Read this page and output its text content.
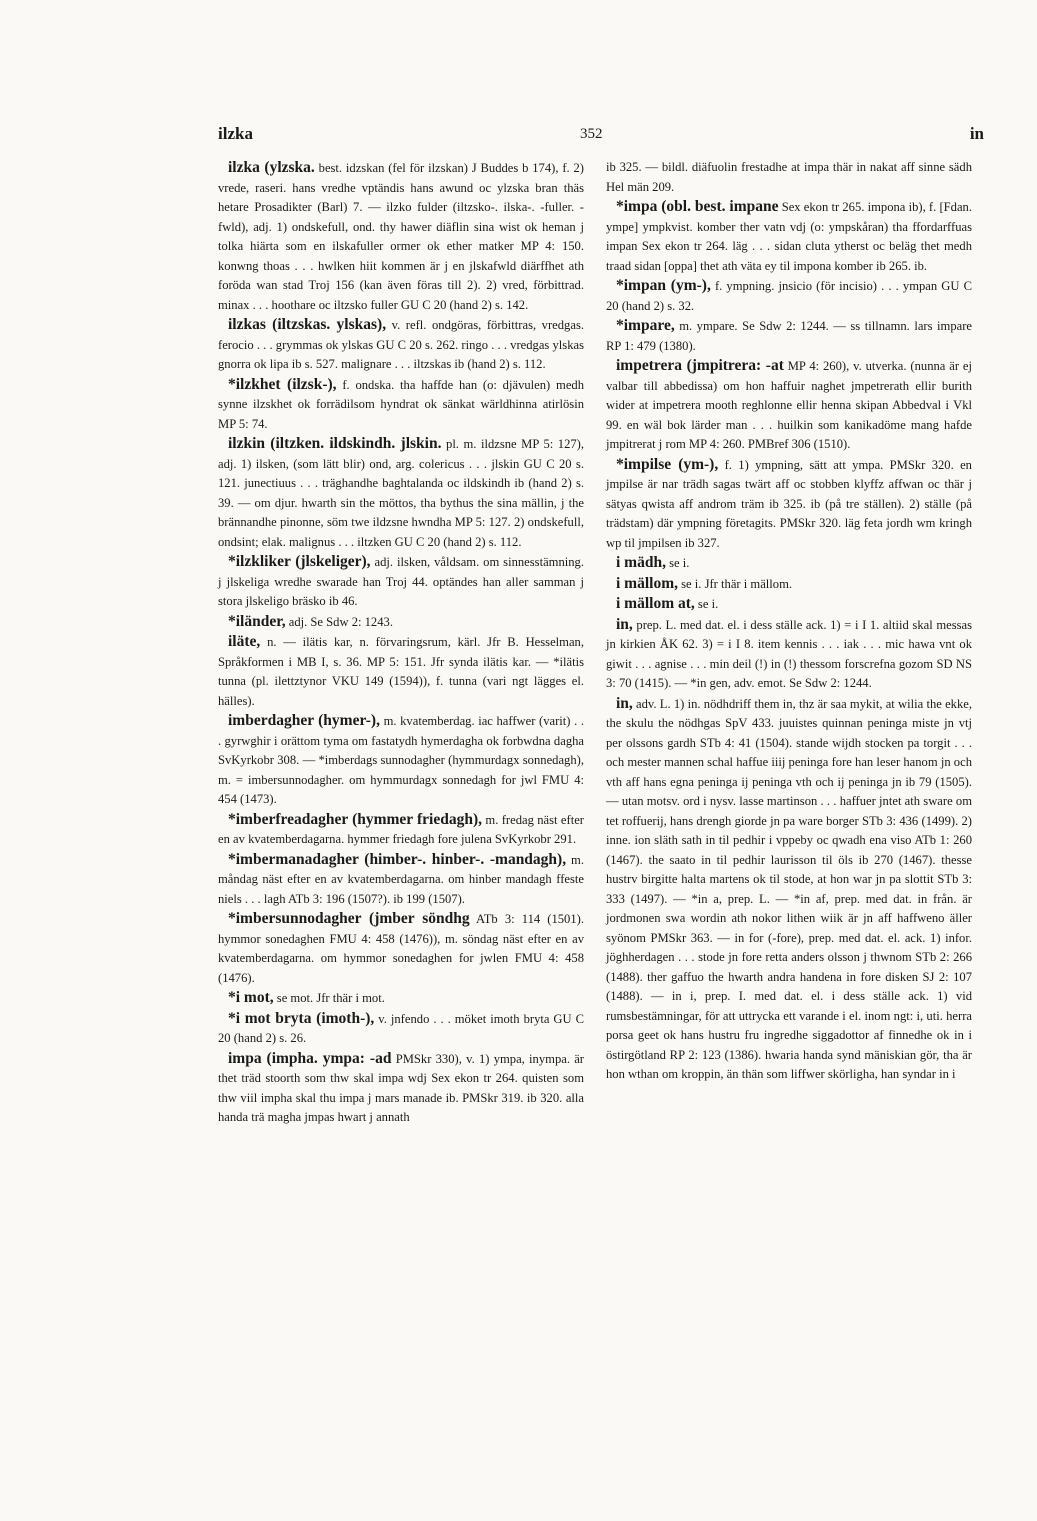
ilzka	352	in
ilzka (ylzska. best. idzskan (fel för ilzskan) J Buddes b 174), f. 2) vrede, raseri. hans vredhe vptändis hans awund oc ylzska bran thäs hetare Prosadikter (Barl) 7. — ilzko fulder (iltzsko-. ilska-. -fuller. -fwld), adj. 1) ondskefull, ond. thy hawer diäflin sina wist ok heman j tolka hiärta som en ilskafuller ormer ok ether matker MP 4: 150. konwng thoas . . . hwlken hiit kommen är j en jlskafwld diärffhet ath foröda wan stad Troj 156 (kan även föras till 2). 2) vred, förbittrad. minax . . . hoothare oc iltzsko fuller GU C 20 (hand 2) s. 142.
ilzkas (iltzskas. ylskas), v. refl. ondgöras, förbittras, vredgas. ferocio . . . grymmas ok ylskas GU C 20 s. 262. ringo . . . vredgas ylskas gnorra ok lipa ib s. 527. malignare . . . iltzskas ib (hand 2) s. 112.
*ilzkhet (ilzsk-), f. ondska. tha haffde han (o: djävulen) medh synne ilzskhet ok forrädilsom hyndrat ok sänkat wärldhinna atirlösin MP 5: 74.
ilzkin (iltzken. ildskindh. jlskin. pl. m. ildzsne MP 5: 127), adj. 1) ilsken, (som lätt blir) ond, arg. colericus . . . jlskin GU C 20 s. 121. junectiuus . . . träghandhe baghtalanda oc ildskindh ib (hand 2) s. 39. — om djur. hwarth sin the möttos, tha bythus the sina mällin, j the brännandhe pinonne, söm twe ildzsne hwndha MP 5: 127. 2) ondskefull, ondsint; elak. malignus . . . iltzken GU C 20 (hand 2) s. 112.
*ilzkliker (jlskeliger), adj. ilsken, våldsam. om sinnesstämning. j jlskeliga wredhe swarade han Troj 44. optändes han aller samman j stora jlskeligo bräsko ib 46.
*iländer, adj. Se Sdw 2: 1243.
iläte, n. — ilätis kar, n. förvaringsrum, kärl. Jfr B. Hesselman, Språkformen i MB I, s. 36. MP 5: 151. Jfr synda ilätis kar. — *ilätis tunna (pl. ilettztynor VKU 149 (1594)), f. tunna (vari ngt lägges el. hälles).
imberdagher (hymer-), m. kvatemberdag. iac haffwer (varit) . . . gyrwghir i orättom tyma om fastatydh hymerdagha ok forbwdna dagha SvKyrkobr 308. — *imberdags sunnodagher (hymmurdagx sonnedagh), m. = imbersunnodagher. om hymmurdagx sonnedagh for jwl FMU 4: 454 (1473).
*imberfreadagher (hymmer friedagh), m. fredag näst efter en av kvatemberdagarna. hymmer friedagh fore julena SvKyrkobr 291.
*imbermanadagher (himber-. hinber-. -mandagh), m. måndag näst efter en av kvatemberdagarna. om hinber mandagh ffeste niels . . . lagh ATb 3: 196 (1507?). ib 199 (1507).
*imbersunnodagher (jmber söndhg ATb 3: 114 (1501). hymmor sonedaghen FMU 4: 458 (1476)), m. söndag näst efter en av kvatemberdagarna. om hymmor sonedaghen for jwlen FMU 4: 458 (1476).
*i mot, se mot. Jfr thär i mot.
*i mot bryta (imoth-), v. jnfendo . . . möket imoth bryta GU C 20 (hand 2) s. 26.
impa (impha. ympa: -ad PMSkr 330), v. 1) ympa, inympa. är thet träd stoorth som thw skal impa wdj Sex ekon tr 264. quisten som thw viil impha skal thu impa j mars manade ib. PMSkr 319. ib 320. alla handa trä magha jmpas hwart j annath
ib 325. — bildl. diäfuolin frestadhe at impa thär in nakat aff sinne sädh Hel män 209.
*impa (obl. best. impane Sex ekon tr 265. impona ib), f. [Fdan. ympe] ympkvist. komber ther vatn vdj (o: ympskåran) tha ffordarffuas impan Sex ekon tr 264. läg . . . sidan cluta ytherst oc beläg thet medh traad sidan [oppa] thet ath väta ey til impona komber ib 265. ib.
*impan (ym-), f. ympning. jnsicio (för incisio) . . . ympan GU C 20 (hand 2) s. 32.
*impare, m. ympare. Se Sdw 2: 1244. — ss tillnamn. lars impare RP 1: 479 (1380).
impetrera (jmpitrera: -at MP 4: 260), v. utverka. (nunna är ej valbar till abbedissa) om hon haffuir naghet jmpetrerath ellir burith wider at impetrera mooth reghlonne ellir henna skipan Abbedval i Vkl 99. en wäl bok lärder man . . . huilkin som kanikadöme mang hafde jmpitrerat j rom MP 4: 260. PMBref 306 (1510).
*impilse (ym-), f. 1) ympning, sätt att ympa. PMSkr 320. en jmpilse är nar trädh sagas twärt aff oc stobben klyffz affwan oc thär j sätyas qwista aff androm träm ib 325. ib (på tre ställen). 2) ställe (på trädstam) där ympning företagits. PMSkr 320. läg feta jordh wm kringh wp til jmpilsen ib 327.
i mädh, se i.
i mällom, se i. Jfr thär i mällom.
i mällom at, se i.
in, prep. L. med dat. el. i dess ställe ack. 1) = i I 1. altiid skal messas jn kirkien ÅK 62. 3) = i I 8. item kennis . . . iak . . . mic hawa vnt ok giwit . . . agnise . . . min deil (!) in (!) thessom forscrefna gozom SD NS 3: 70 (1415). — *in gen, adv. emot. Se Sdw 2: 1244.
in, adv. L. 1) in. nödhdriff them in, thz är saa mykit, at wilia the ekke, the skulu the nödhgas SpV 433. juuistes quinnan peninga miste jn vtj per olssons gardh STb 4: 41 (1504). stande wijdh stocken pa torgit . . . och mester mannen schal haffue iiij peninga fore han leser hanom jn och vth aff hans egna peninga ij peninga vth och ij peninga jn ib 79 (1505). — utan motsv. ord i nysv. lasse martinson . . . haffuer jntet ath sware om tet roffuerij, hans drengh giorde jn pa ware borger STb 3: 436 (1499). 2) inne. ion släth sath in til pedhir i vppeby oc qwadh ena viso ATb 1: 260 (1467). the saato in til pedhir laurisson til öls ib 270 (1467). thesse hustrv birgitte halta martens ok til stode, at hon war jn pa slottit STb 3: 333 (1497). — *in a, prep. L. — *in af, prep. med dat. in från. är jordmonen swa wordin ath nokor lithen wiik är jn aff haffweno äller syönom PMSkr 363. — in for (-fore), prep. med dat. el. ack. 1) infor. jöghherdagen . . . stode jn fore retta anders olsson j thwnom STb 2: 266 (1488). ther gaffuo the hwarth andra handena in fore disken SJ 2: 107 (1488). — in i, prep. I. med dat. el. i dess ställe ack. 1) vid rumsbestämningar, för att uttrycka ett varande i el. inom ngt: i, uti. herra porsa geet ok hans hustru fru ingredhe siggadottor af finnedhe ok in i östirgötland RP 2: 123 (1386). hwaria handa synd mäniskian gör, tha är hon wthan om kroppin, än thän som liffwer skörligha, han syndar in i
